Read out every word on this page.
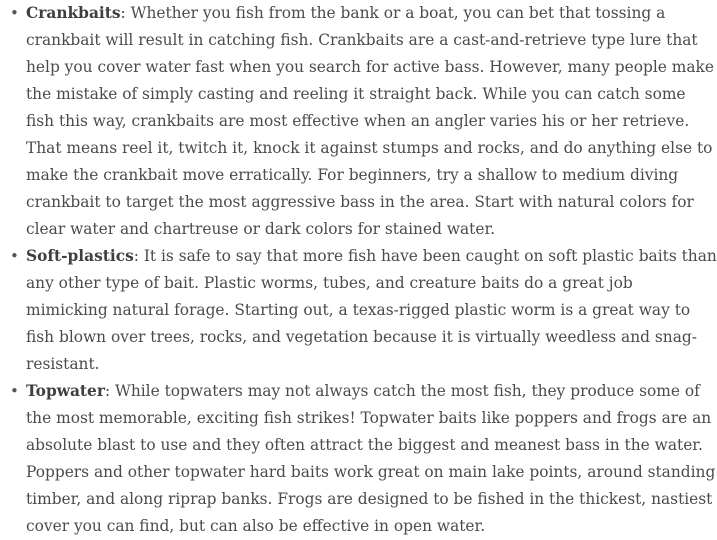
• Crankbaits: Whether you fish from the bank or a boat, you can bet that tossing a crankbait will result in catching fish. Crankbaits are a cast-and-retrieve type lure that help you cover water fast when you search for active bass. However, many people make the mistake of simply casting and reeling it straight back. While you can catch some fish this way, crankbaits are most effective when an angler varies his or her retrieve. That means reel it, twitch it, knock it against stumps and rocks, and do anything else to make the crankbait move erratically. For beginners, try a shallow to medium diving crankbait to target the most aggressive bass in the area. Start with natural colors for clear water and chartreuse or dark colors for stained water.
• Soft-plastics: It is safe to say that more fish have been caught on soft plastic baits than any other type of bait. Plastic worms, tubes, and creature baits do a great job mimicking natural forage. Starting out, a texas-rigged plastic worm is a great way to fish blown over trees, rocks, and vegetation because it is virtually weedless and snag-resistant.
• Topwater: While topwaters may not always catch the most fish, they produce some of the most memorable, exciting fish strikes! Topwater baits like poppers and frogs are an absolute blast to use and they often attract the biggest and meanest bass in the water. Poppers and other topwater hard baits work great on main lake points, around standing timber, and along riprap banks. Frogs are designed to be fished in the thickest, nastiest cover you can find, but can also be effective in open water.
